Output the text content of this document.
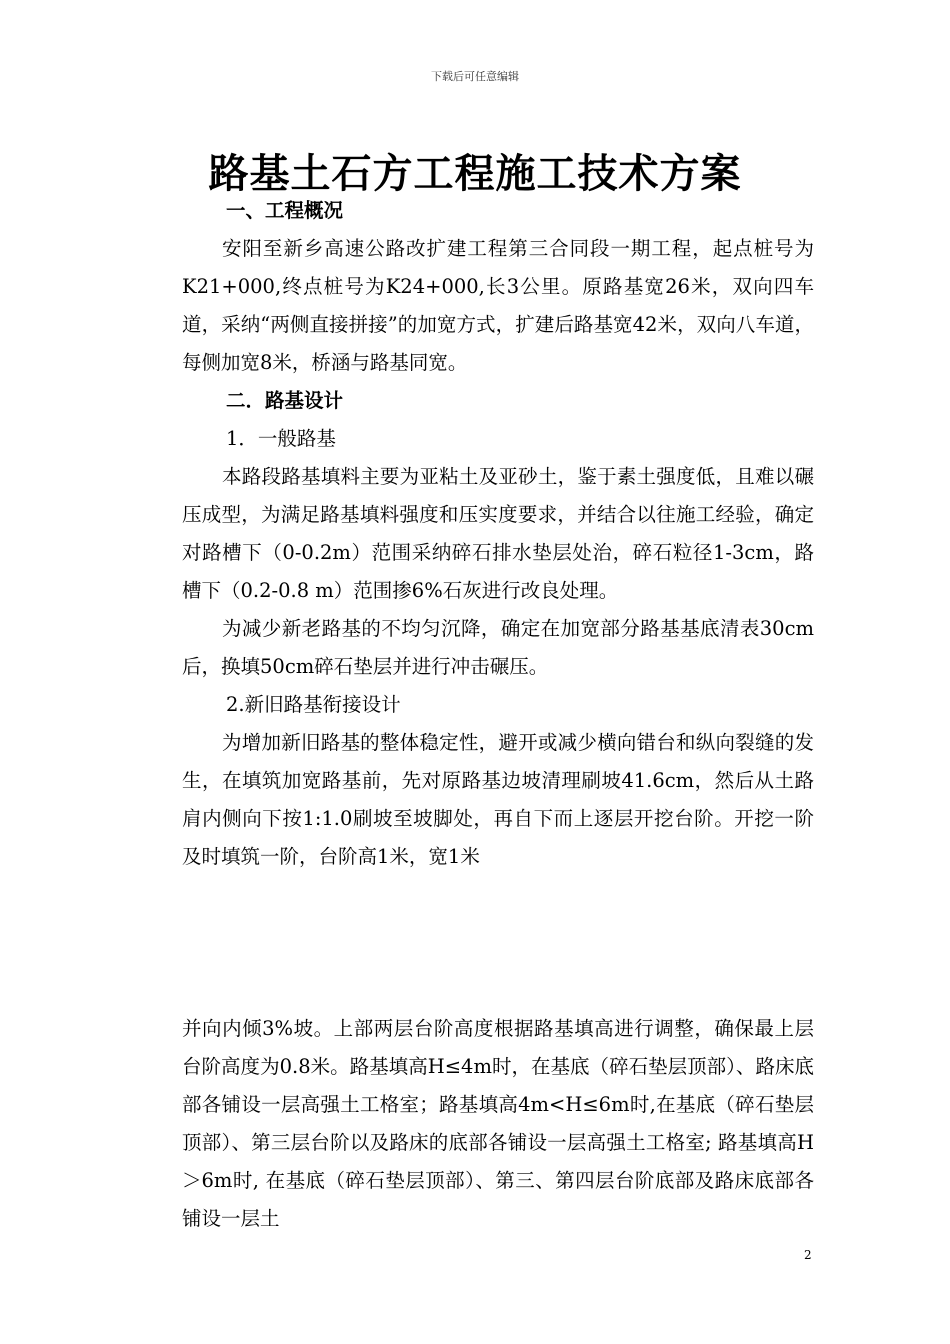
下载后可任意编辑
路基土石方工程施工技术方案

一、工程概况

安阳至新乡高速公路改扩建工程第三合同段一期工程，起点桩号为K21+000,终点桩号为K24+000,长3公里。原路基宽26米，双向四车道，采纳“两侧直接拼接”的加宽方式，扩建后路基宽42米，双向八车道，每侧加宽8米，桥涵与路基同宽。

二．路基设计

1．一般路基

本路段路基填料主要为亚粘土及亚砂土，鉴于素土强度低，且难以碾压成型，为满足路基填料强度和压实度要求，并结合以往施工经验，确定对路槽下（0-0.2m）范围采纳碎石排水垫层处治，碎石粒径1-3cm，路槽下（0.2-0.8 m）范围掺6%石灰进行改良处理。

为减少新老路基的不均匀沉降，确定在加宽部分路基基底清表30cm后，换填50cm碎石垫层并进行冲击碾压。

2.新旧路基衔接设计

为增加新旧路基的整体稳定性，避开或减少横向错台和纵向裂缝的发生，在填筑加宽路基前，先对原路基边坡清理刷坡41.6cm，然后从土路肩内侧向下按1:1.0刷坡至坡脚处，再自下而上逐层开挖台阶。开挖一阶及时填筑一阶，台阶高1米，宽1米

并向内倾3%坡。上部两层台阶高度根据路基填高进行调整，确保最上层台阶高度为0.8米。路基填高H≤4m时，在基底（碎石垫层顶部）、路床底部各铺设一层高强土工格室；路基填高4m<H≤6m时,在基底（碎石垫层顶部）、第三层台阶以及路床的底部各铺设一层高强土工格室; 路基填高H＞6m时, 在基底（碎石垫层顶部）、第三、第四层台阶底部及路床底部各铺设一层土

2
